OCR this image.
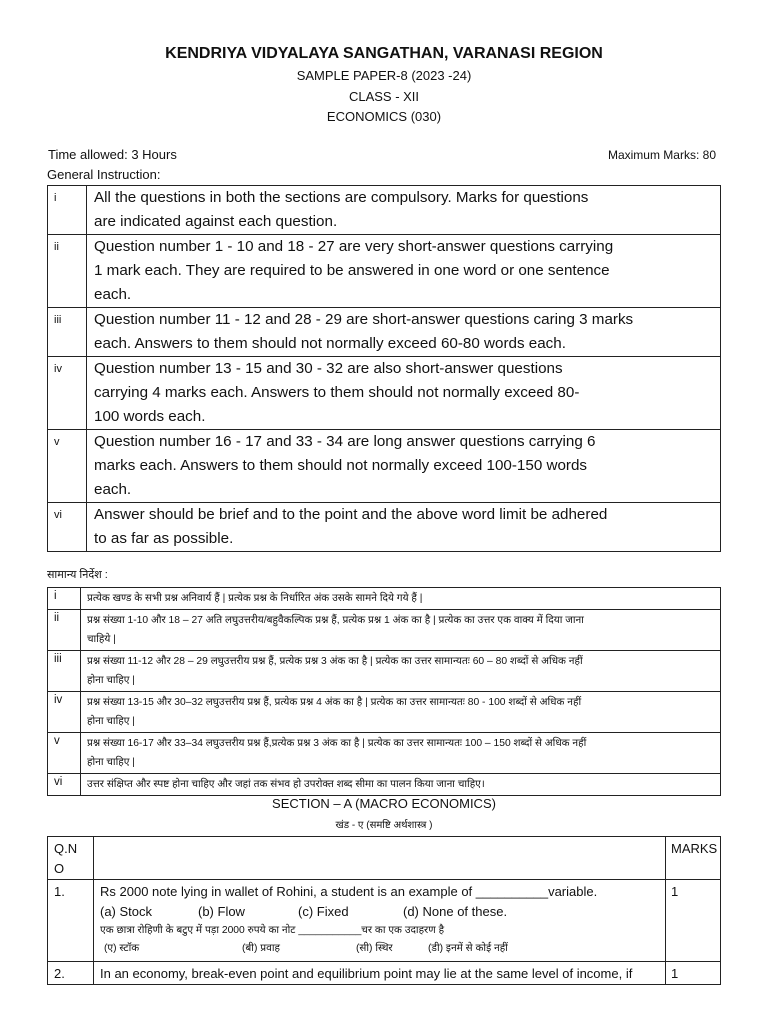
KENDRIYA VIDYALAYA SANGATHAN, VARANASI REGION
SAMPLE PAPER-8 (2023 -24)
CLASS - XII
ECONOMICS (030)
Time allowed: 3 Hours	Maximum Marks: 80
General Instruction:
i	All the questions in both the sections are compulsory. Marks for questions
are indicated against each question.

ii	Question number 1 - 10 and 18 - 27 are very short-answer questions carrying
1 mark each. They are required to be answered in one word or one sentence
each.

iii	Question number 11 - 12 and 28 - 29 are short-answer questions caring 3 marks
each. Answers to them should not normally exceed 60-80 words each.

iv	Question number 13 - 15 and 30 - 32 are also short-answer questions
carrying 4 marks each. Answers to them should not normally exceed 80-
100 words each.

v	Question number 16 - 17 and 33 - 34 are long answer questions carrying 6
marks each. Answers to them should not normally exceed 100-150 words
each.

vi	Answer should be brief and to the point and the above word limit be adhered
to as far as possible.
सामान्य निर्देश :
i	प्रत्येक खण्ड के सभी प्रश्न अनिवार्य हैं | प्रत्येक प्रश्न के निर्धारित अंक उसके सामने दिये गये हैं |

ii	प्रश्न संख्या 1-10 और 18 – 27 अति लघुउत्तरीय/बहुवैकल्पिक प्रश्न हैं, प्रत्येक प्रश्न 1 अंक का है | प्रत्येक का उत्तर एक वाक्य में दिया जाना
चाहिये |

iii	प्रश्न संख्या 11-12 और 28 – 29 लघुउत्तरीय प्रश्न हैं, प्रत्येक प्रश्न 3 अंक का है | प्रत्येक का उत्तर सामान्यतः 60 – 80 शब्दों से अधिक नहीं
होना चाहिए |

iv	प्रश्न संख्या 13-15 और 30–32 लघुउत्तरीय प्रश्न हैं, प्रत्येक प्रश्न 4 अंक का है | प्रत्येक का उत्तर सामान्यतः 80 - 100 शब्दों से अधिक नहीं
होना चाहिए |

v	प्रश्न संख्या 16-17 और 33–34 लघुउत्तरीय प्रश्न हैं,प्रत्येक प्रश्न 3 अंक का है | प्रत्येक का उत्तर सामान्यतः 100 – 150 शब्दों से अधिक नहीं
होना चाहिए |

vi	उत्तर संक्षिप्त और स्पष्ट होना चाहिए और जहां तक संभव हो उपरोक्त शब्द सीमा का पालन किया जाना चाहिए।
SECTION – A (MACRO ECONOMICS)
खंड - ए (समष्टि अर्थशास्त्र )
Q.N
O		MARKS
1.	Rs 2000 note lying in wallet of Rohini, a student is an example of __________variable.
(a) Stock (b) Flow (c) Fixed (d) None of these.
एक छात्रा रोहिणी के बटुए में पड़ा 2000 रुपये का नोट ___________चर का एक उदाहरण है
(ए) स्टॉक (बी) प्रवाह (सी) स्थिर (डी) इनमें से कोई नहीं	1
2.	In an economy, break-even point and equilibrium point may lie at the same level of income, if	1
